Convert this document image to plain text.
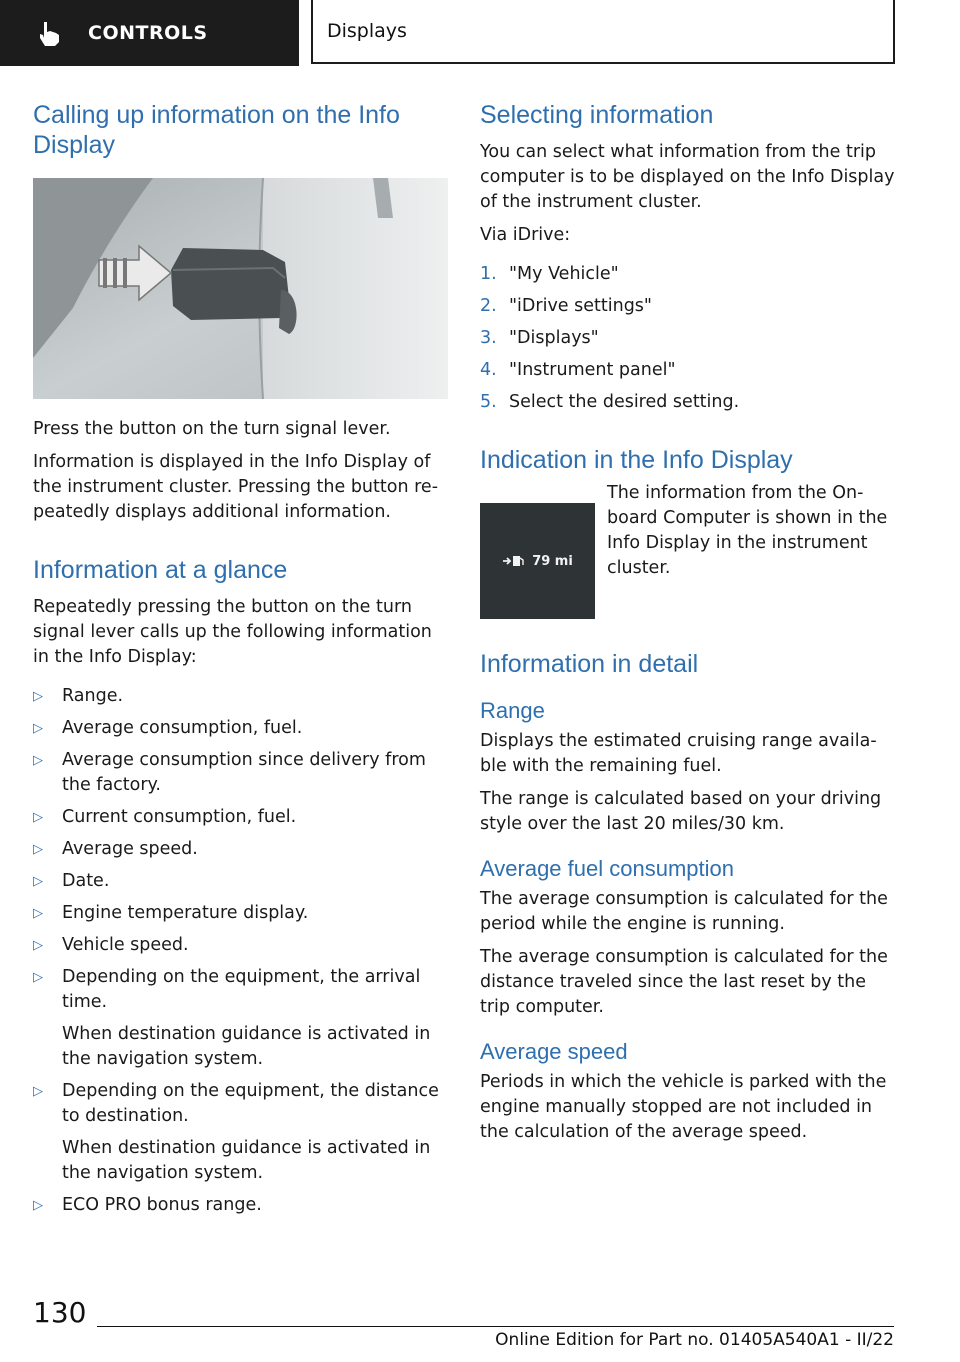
CONTROLS	Displays
Calling up information on the Info Display

Press the button on the turn signal lever.

Information is displayed in the Info Display of the instrument cluster. Pressing the button re‐peatedly displays additional information.

Information at a glance

Repeatedly pressing the button on the turn signal lever calls up the following information in the Info Display:

▷ Range.
▷ Average consumption, fuel.
▷ Average consumption since delivery from the factory.
▷ Current consumption, fuel.
▷ Average speed.
▷ Date.
▷ Engine temperature display.
▷ Vehicle speed.
▷ Depending on the equipment, the arrival time.
When destination guidance is activated in the navigation system.
▷ Depending on the equipment, the distance to destination.
When destination guidance is activated in the navigation system.
▷ ECO PRO bonus range.
Selecting information

You can select what information from the trip computer is to be displayed on the Info Display of the instrument cluster.

Via iDrive:

1. "My Vehicle"
2. "iDrive settings"
3. "Displays"
4. "Instrument panel"
5. Select the desired setting.
Indication in the Info Display
79 mi

The information from the On‐board Computer is shown in the Info Display in the instrument cluster.

Information in detail
Range

Displays the estimated cruising range availa‐ble with the remaining fuel.

The range is calculated based on your driving style over the last 20 miles/30 km.

Average fuel consumption

The average consumption is calculated for the period while the engine is running.

The average consumption is calculated for the distance traveled since the last reset by the trip computer.

Average speed

Periods in which the vehicle is parked with the engine manually stopped are not included in the calculation of the average speed.

130
Online Edition for Part no. 01405A540A1 - II/22
